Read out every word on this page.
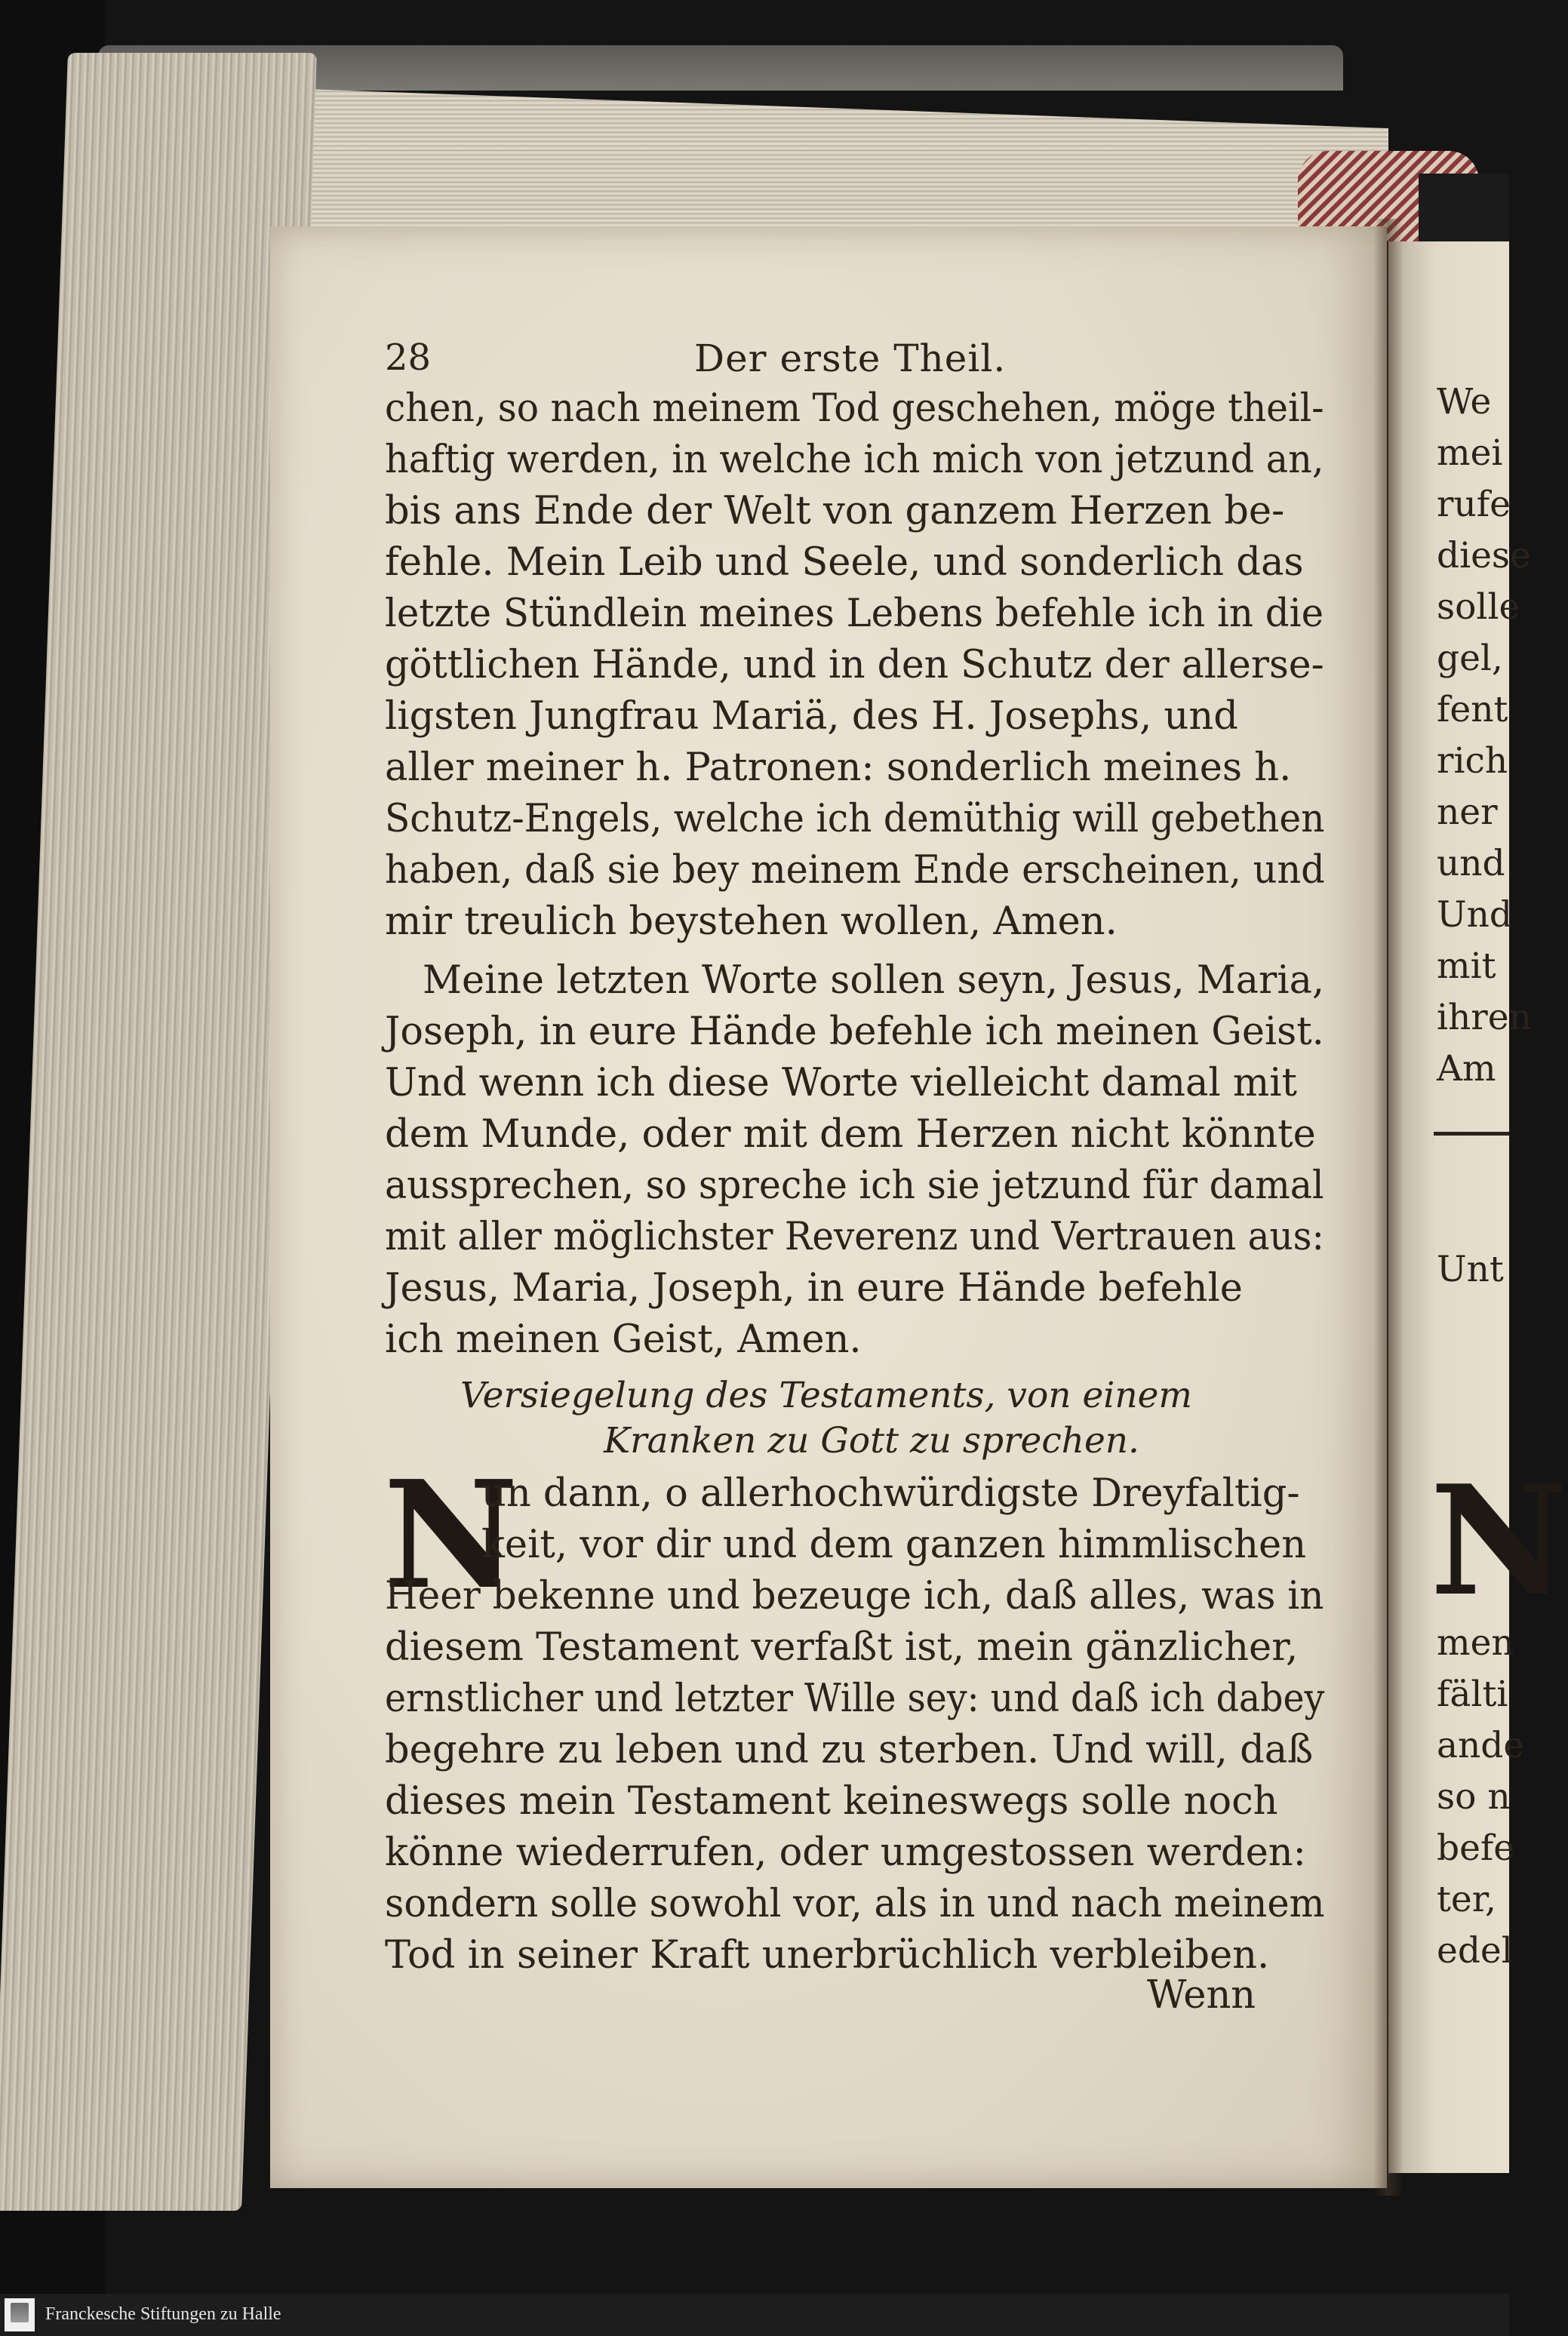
28	Der erste Theil.
chen, so nach meinem Tod geschehen, möge theil-
haftig werden, in welche ich mich von jetzund an,
bis ans Ende der Welt von ganzem Herzen be-
fehle. Mein Leib und Seele, und sonderlich das
letzte Stündlein meines Lebens befehle ich in die
göttlichen Hände, und in den Schutz der allerse-
ligsten Jungfrau Mariä, des H. Josephs, und
aller meiner h. Patronen: sonderlich meines h.
Schutz-Engels, welche ich demüthig will gebethen
haben, daß sie bey meinem Ende erscheinen, und
mir treulich beystehen wollen, Amen.
Meine letzten Worte sollen seyn, Jesus, Maria,
Joseph, in eure Hände befehle ich meinen Geist.
Und wenn ich diese Worte vielleicht damal mit
dem Munde, oder mit dem Herzen nicht könnte
aussprechen, so spreche ich sie jetzund für damal
mit aller möglichster Reverenz und Vertrauen aus:
Jesus, Maria, Joseph, in eure Hände befehle
ich meinen Geist, Amen.
Versiegelung des Testaments, von einem
Kranken zu Gott zu sprechen.
N
un dann, o allerhochwürdigste Dreyfaltig-
keit, vor dir und dem ganzen himmlischen
Heer bekenne und bezeuge ich, daß alles, was in
diesem Testament verfaßt ist, mein gänzlicher,
ernstlicher und letzter Wille sey: und daß ich dabey
begehre zu leben und zu sterben. Und will, daß
dieses mein Testament keineswegs solle noch
könne wiederrufen, oder umgestossen werden:
sondern solle sowohl vor, als in und nach meinem
Tod in seiner Kraft unerbrüchlich verbleiben.
Wenn
We
mei
rufe
diese
solle
gel,
fent
rich
ner
und
Und
mit
ihren
Am
Unt
N
men
fälti
ande
so n
befe
ter,
edel
Franckesche Stiftungen zu Halle
